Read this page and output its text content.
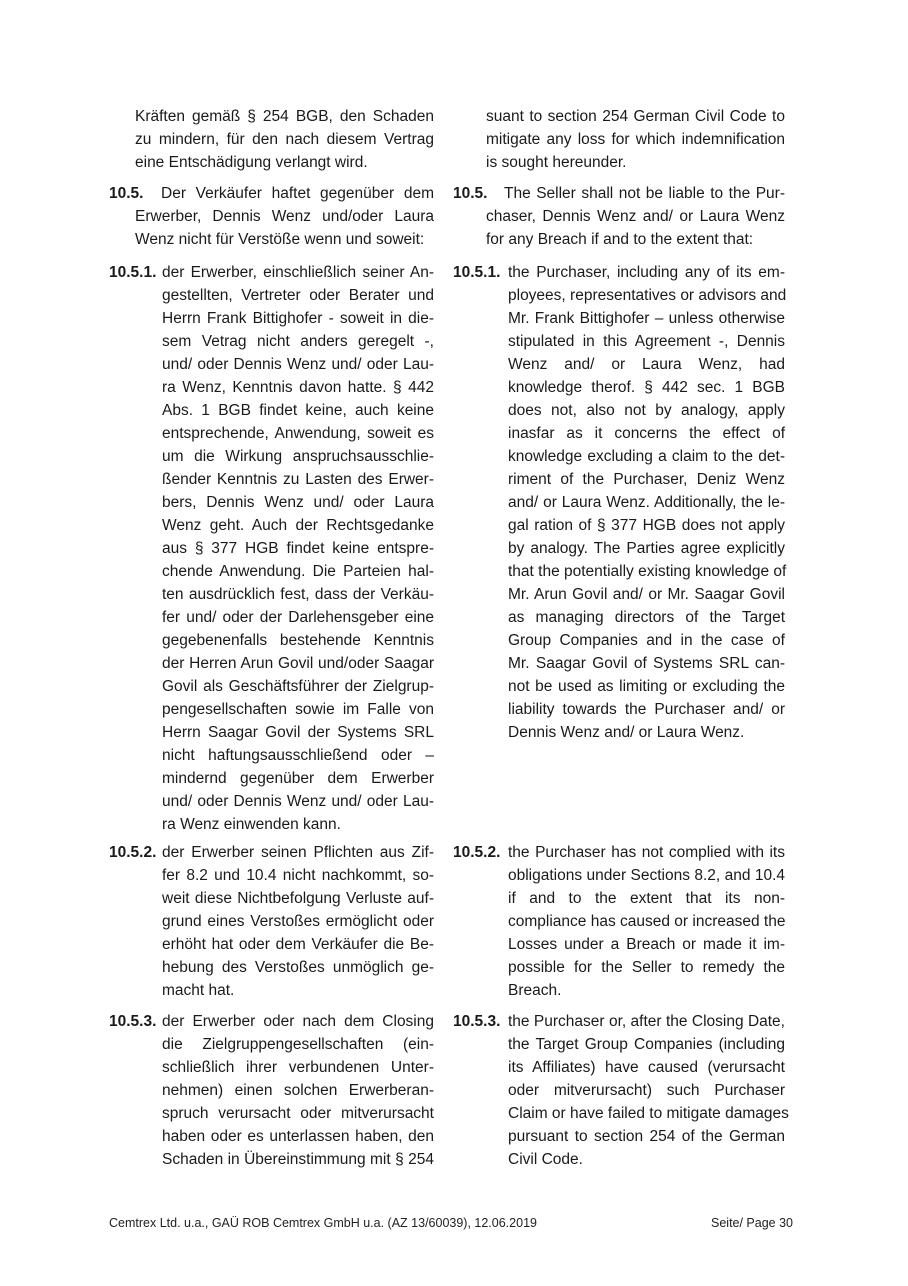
Kräften gemäß § 254 BGB, den Schaden
zu mindern, für den nach diesem Vertrag
eine Entschädigung verlangt wird.
suant to section 254 German Civil Code to
mitigate any loss for which indemnification
is sought hereunder.
10.5. Der Verkäufer haftet gegenüber dem
Erwerber, Dennis Wenz und/oder Laura
Wenz nicht für Verstöße wenn und soweit:
10.5. The Seller shall not be liable to the Pur-
chaser, Dennis Wenz and/ or Laura Wenz
for any Breach if and to the extent that:
10.5.1. der Erwerber, einschließlich seiner An-
gestellten, Vertreter oder Berater und
Herrn Frank Bittighofer - soweit in die-
sem Vetrag nicht anders geregelt -,
und/ oder Dennis Wenz und/ oder Lau-
ra Wenz, Kenntnis davon hatte. § 442
Abs. 1 BGB findet keine, auch keine
entsprechende, Anwendung, soweit es
um die Wirkung anspruchsausschlie-
ßender Kenntnis zu Lasten des Erwer-
bers, Dennis Wenz und/ oder Laura
Wenz geht. Auch der Rechtsgedanke
aus § 377 HGB findet keine entspre-
chende Anwendung. Die Parteien hal-
ten ausdrücklich fest, dass der Verkäu-
fer und/ oder der Darlehensgeber eine
gegebenenfalls bestehende Kenntnis
der Herren Arun Govil und/oder Saagar
Govil als Geschäftsführer der Zielgrup-
pengesellschaften sowie im Falle von
Herrn Saagar Govil der Systems SRL
nicht haftungsausschließend oder –
mindernd gegenüber dem Erwerber
und/ oder Dennis Wenz und/ oder Lau-
ra Wenz einwenden kann.
10.5.1. the Purchaser, including any of its em-
ployees, representatives or advisors and
Mr. Frank Bittighofer – unless otherwise
stipulated in this Agreement -, Dennis
Wenz and/ or Laura Wenz, had
knowledge therof. § 442 sec. 1 BGB
does not, also not by analogy, apply
inasfar as it concerns the effect of
knowledge excluding a claim to the det-
riment of the Purchaser, Deniz Wenz
and/ or Laura Wenz. Additionally, the le-
gal ration of § 377 HGB does not apply
by analogy. The Parties agree explicitly
that the potentially existing knowledge of
Mr. Arun Govil and/ or Mr. Saagar Govil
as managing directors of the Target
Group Companies and in the case of
Mr. Saagar Govil of Systems SRL can-
not be used as limiting or excluding the
liability towards the Purchaser and/ or
Dennis Wenz and/ or Laura Wenz.
10.5.2. der Erwerber seinen Pflichten aus Zif-
fer 8.2 und 10.4 nicht nachkommt, so-
weit diese Nichtbefolgung Verluste auf-
grund eines Verstoßes ermöglicht oder
erhöht hat oder dem Verkäufer die Be-
hebung des Verstoßes unmöglich ge-
macht hat.
10.5.2. the Purchaser has not complied with its
obligations under Sections 8.2, and 10.4
if and to the extent that its non-
compliance has caused or increased the
Losses under a Breach or made it im-
possible for the Seller to remedy the
Breach.
10.5.3. der Erwerber oder nach dem Closing
die Zielgruppengesellschaften (ein-
schließlich ihrer verbundenen Unter-
nehmen) einen solchen Erwerberan-
spruch verursacht oder mitverursacht
haben oder es unterlassen haben, den
Schaden in Übereinstimmung mit § 254
10.5.3. the Purchaser or, after the Closing Date,
the Target Group Companies (including
its Affiliates) have caused (verursacht
oder mitverursacht) such Purchaser
Claim or have failed to mitigate damages
pursuant to section 254 of the German
Civil Code.
Cemtrex Ltd. u.a., GAÜ ROB Cemtrex GmbH u.a. (AZ 13/60039), 12.06.2019	Seite/ Page 30
